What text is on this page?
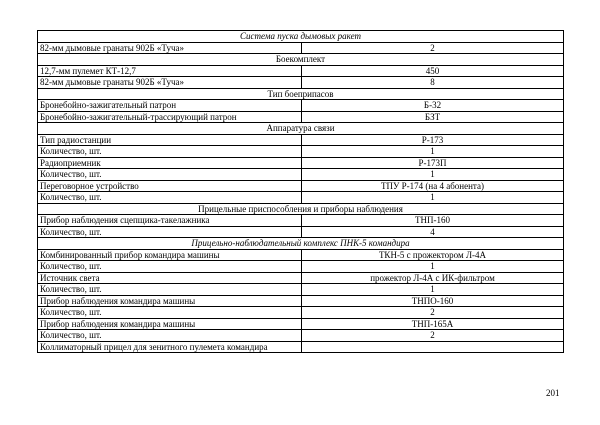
Система пуска дымовых ракет	
82-мм дымовые гранаты 902Б «Туча»	2
Боекомплект	
12,7-мм пулемет КТ-12,7	450
82-мм дымовые гранаты 902Б «Туча»	8
Тип боеприпасов	
Бронебойно-зажигательный патрон	Б-32
Бронебойно-зажигательный-трассирующий патрон	БЗТ
Аппаратура связи	
Тип радиостанции	Р-173
Количество, шт.	1
Радиоприемник	Р-173П
Количество, шт.	1
Переговорное устройство	ТПУ Р-174 (на 4 абонента)
Количество, шт.	1
Прицельные приспособления и приборы наблюдения	
Прибор наблюдения сцепщика-такелажника	ТНП-160
Количество, шт.	4
Прицельно-наблюдательный комплекс ПНК-5 командира	
Комбинированный прибор командира машины	ТКН-5 с прожектором Л-4А
Количество, шт.	1
Источник света	прожектор Л-4А с ИК-фильтром
Количество, шт.	1
Прибор наблюдения командира машины	ТНПО-160
Количество, шт.	2
Прибор наблюдения командира машины	ТНП-165А
Количество, шт.	2
Коллиматорный прицел для зенитного пулемета командира	
201
